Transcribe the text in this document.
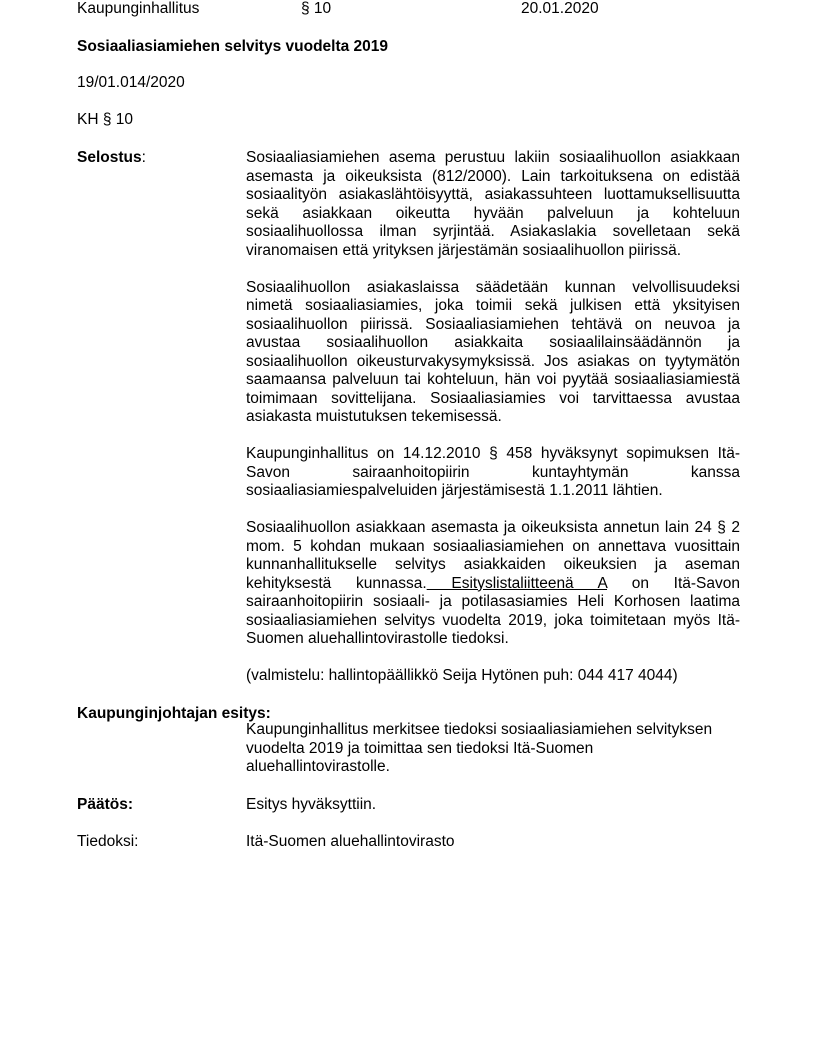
Kaupunginhallitus	§ 10	20.01.2020
Sosiaaliasiamiehen selvitys vuodelta 2019
19/01.014/2020
KH § 10
Selostus:	Sosiaaliasiamiehen asema perustuu lakiin sosiaalihuollon asiakkaan asemasta ja oikeuksista (812/2000). Lain tarkoituksena on edistää sosiaalityön asiakaslähtöisyyttä, asiakassuhteen luottamuksellisuutta sekä asiakkaan oikeutta hyvään palveluun ja kohteluun sosiaalihuollossa ilman syrjintää. Asiakaslakia sovelletaan sekä viranomaisen että yrityksen järjestämän sosiaalihuollon piirissä.

Sosiaalihuollon asiakaslaissa säädetään kunnan velvollisuudeksi nimetä sosiaaliasiamies, joka toimii sekä julkisen että yksityisen sosiaalihuollon piirissä. Sosiaaliasiamiehen tehtävä on neuvoa ja avustaa sosiaalihuollon asiakkaita sosiaalilainsäädännön ja sosiaalihuollon oikeusturvakysymyksissä. Jos asiakas on tyytymätön saamaansa palveluun tai kohteluun, hän voi pyytää sosiaaliasiamiestä toimimaan sovittelijana. Sosiaaliasiamies voi tarvittaessa avustaa asiakasta muistutuksen tekemisessä.

Kaupunginhallitus on 14.12.2010 § 458 hyväksynyt sopimuksen Itä-Savon sairaanhoitopiirin kuntayhtymän kanssa sosiaaliasiamiespalveluiden järjestämisestä 1.1.2011 lähtien.

Sosiaalihuollon asiakkaan asemasta ja oikeuksista annetun lain 24 § 2 mom. 5 kohdan mukaan sosiaaliasiamiehen on annettava vuosittain kunnanhallitukselle selvitys asiakkaiden oikeuksien ja aseman kehityksestä kunnassa. Esityslistaliitteenä A on Itä-Savon sairaanhoitopiirin sosiaali- ja potilasasiamies Heli Korhosen laatima sosiaaliasiamiehen selvitys vuodelta 2019, joka toimitetaan myös Itä-Suomen aluehallintovirastolle tiedoksi.

(valmistelu: hallintopäällikkö Seija Hytönen puh: 044 417 4044)

Kaupunginjohtajan esitys:
Kaupunginhallitus merkitsee tiedoksi sosiaaliasiamiehen selvityksen vuodelta 2019 ja toimittaa sen tiedoksi Itä-Suomen aluehallintovirastolle.
Päätös:	Esitys hyväksyttiin.
Tiedoksi:	Itä-Suomen aluehallintovirasto
